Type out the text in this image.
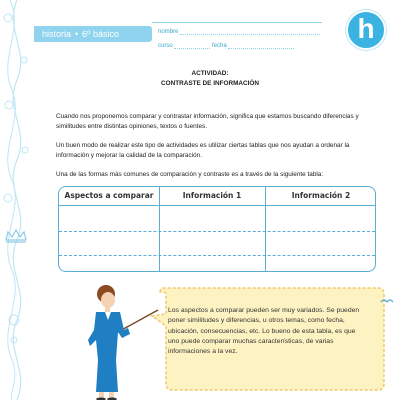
historia • 6º básico	nombre
curso	fecha
h
ACTIVIDAD:
CONTRASTE DE INFORMACIÓN

Cuando nos proponemos comparar y contrastar información, significa que estamos buscando diferencias y similitudes entre distintas opiniones, textos o fuentes.

Un buen modo de realizar este tipo de actividades es utilizar ciertas tablas que nos ayudan a ordenar la información y mejorar la calidad de la comparación.

Una de las formas más comunes de comparación y contraste es a través de la siguiente tabla:

Aspectos a comparar	Información 1	Información 2

Los aspectos a comparar pueden ser muy variados. Se pueden poner similitudes y diferencias, u otros temas, como fecha, ubicación, consecuencias, etc. Lo bueno de esta tabla, es que uno puede comparar muchas características, de varias informaciones a la vez.
